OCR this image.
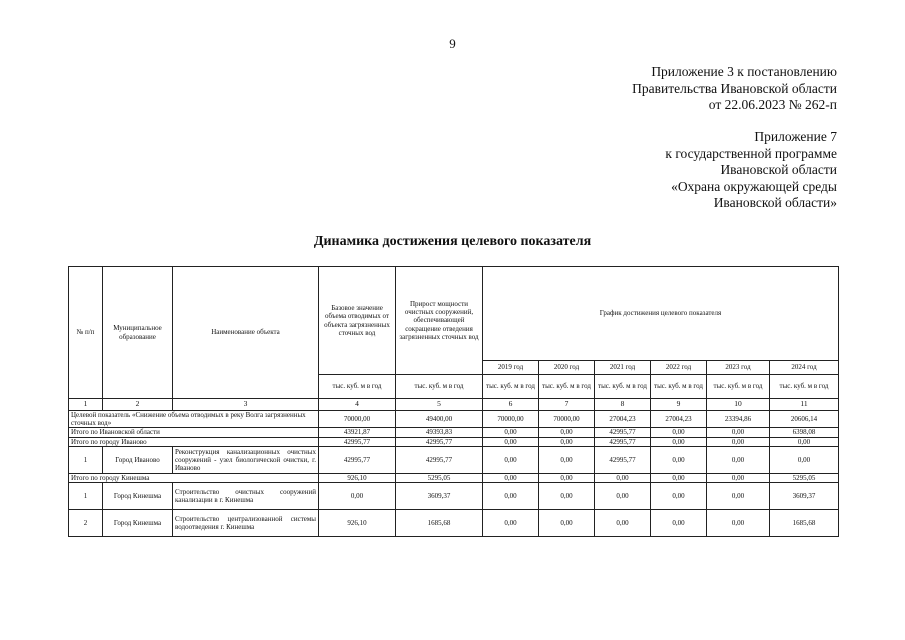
9
Приложение 3 к постановлению
Правительства Ивановской области
от 22.06.2023 № 262-п
Приложение 7
к государственной программе
Ивановской области
«Охрана окружающей среды
Ивановской области»
Динамика достижения целевого показателя
№ п/п	Муниципальное образование	Наименование объекта	Базовое значение объема отводимых от объекта загрязненных сточных вод	Прирост мощности очистных сооружений, обеспечивающей сокращение отведения загрязненных сточных вод	График достижения целевого показателя					
					2019 год	2020 год	2021 год	2022 год	2023 год	2024 год
			тыс. куб. м в год	тыс. куб. м в год	тыс. куб. м в год	тыс. куб. м в год	тыс. куб. м в год	тыс. куб. м в год	тыс. куб. м в год	тыс. куб. м в год
1	2	3	4	5	6	7	8	9	10	11
Целевой показатель «Снижение объема отводимых в реку Волга загрязненных сточных вод»			70000,00	49400,00	70000,00	70000,00	27004,23	27004,23	23394,86	20606,14
Итого по Ивановской области			43921,87	49393,83	0,00	0,00	42995,77	0,00	0,00	6398,08
Итого по городу Иваново			42995,77	42995,77	0,00	0,00	42995,77	0,00	0,00	0,00
1	Город Иваново	Реконструкция канализационных очистных сооружений - узел биологической очистки, г. Иваново	42995,77	42995,77	0,00	0,00	42995,77	0,00	0,00	0,00
Итого по городу Кинешма			926,10	5295,05	0,00	0,00	0,00	0,00	0,00	5295,05
1	Город Кинешма	Строительство очистных сооружений канализации в г. Кинешма	0,00	3609,37	0,00	0,00	0,00	0,00	0,00	3609,37
2	Город Кинешма	Строительство централизованной системы водоотведения г. Кинешма	926,10	1685,68	0,00	0,00	0,00	0,00	0,00	1685,68
